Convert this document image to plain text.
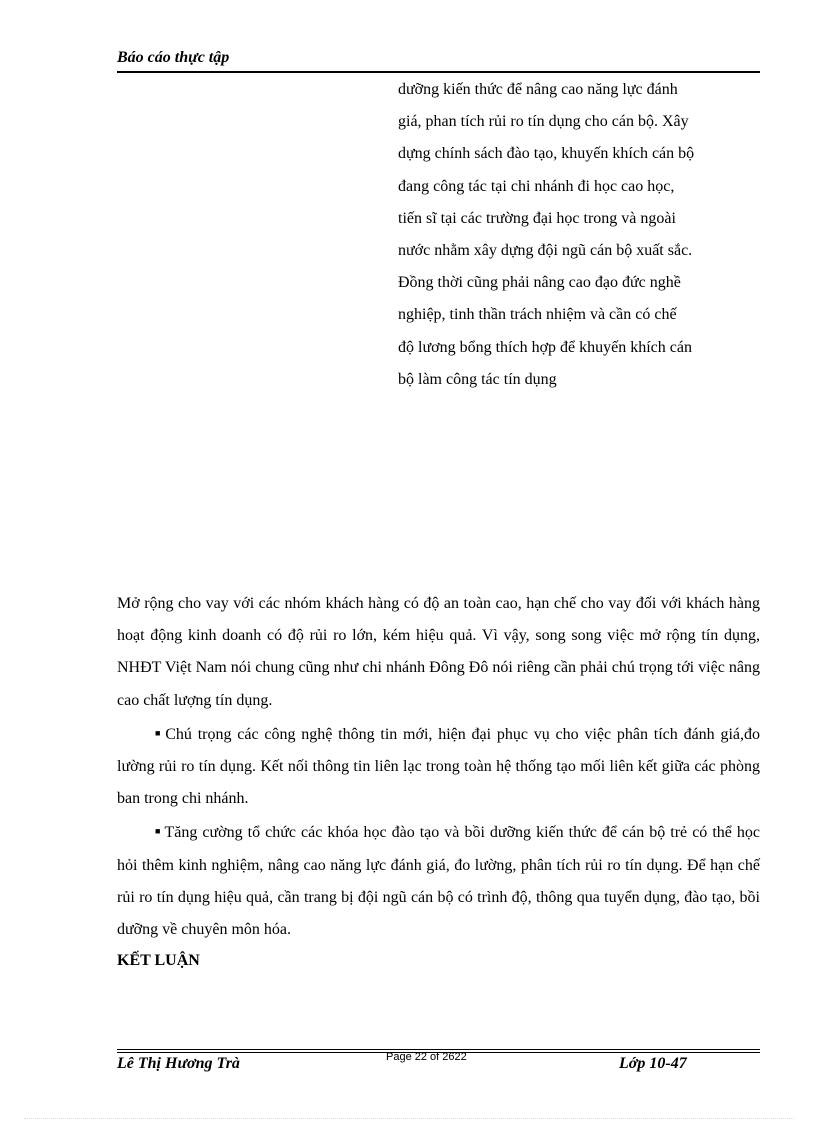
Báo cáo thực tập
dưỡng kiến thức để nâng cao năng lực đánh
giá, phan tích rủi ro tín dụng cho cán bộ. Xây
dựng chính sách đào tạo, khuyến khích cán bộ
đang công tác tại chi nhánh đi học cao học,
tiến sĩ tại các trường đại học trong và ngoài
nước nhằm xây dựng đội ngũ cán bộ xuất sắc.
Đồng thời cũng phải nâng cao đạo đức nghề
nghiệp, tinh thần trách nhiệm và cần có chế
độ lương bổng thích hợp để khuyến khích cán
bộ làm công tác tín dụng

Mở rộng cho vay với các nhóm khách hàng có độ an toàn cao, hạn chế cho vay đối với khách hàng hoạt động kinh doanh có độ rủi ro lớn, kém hiệu quả. Vì vậy, song song việc mở rộng tín dụng, NHĐT Việt Nam nói chung cũng như chi nhánh Đông Đô nói riêng cần phải chú trọng tới việc nâng cao chất lượng tín dụng.

■ Chú trọng các công nghệ thông tin mới, hiện đại phục vụ cho việc phân tích đánh giá,đo lường rủi ro tín dụng. Kết nối thông tin liên lạc trong toàn hệ thống tạo mối liên kết giữa các phòng ban trong chi nhánh.

■ Tăng cường tổ chức các khóa học đào tạo và bồi dưỡng kiến thức để cán bộ trẻ có thể học hỏi thêm kinh nghiệm, nâng cao năng lực đánh giá, đo lường, phân tích rủi ro tín dụng. Để hạn chế rủi ro tín dụng hiệu quả, cần trang bị đội ngũ cán bộ có trình độ, thông qua tuyển dụng, đào tạo, bồi dưỡng về chuyên môn hóa.

KẾT LUẬN

Lê Thị Hương Trà	Page 22 of 2622	Lớp 10-47
